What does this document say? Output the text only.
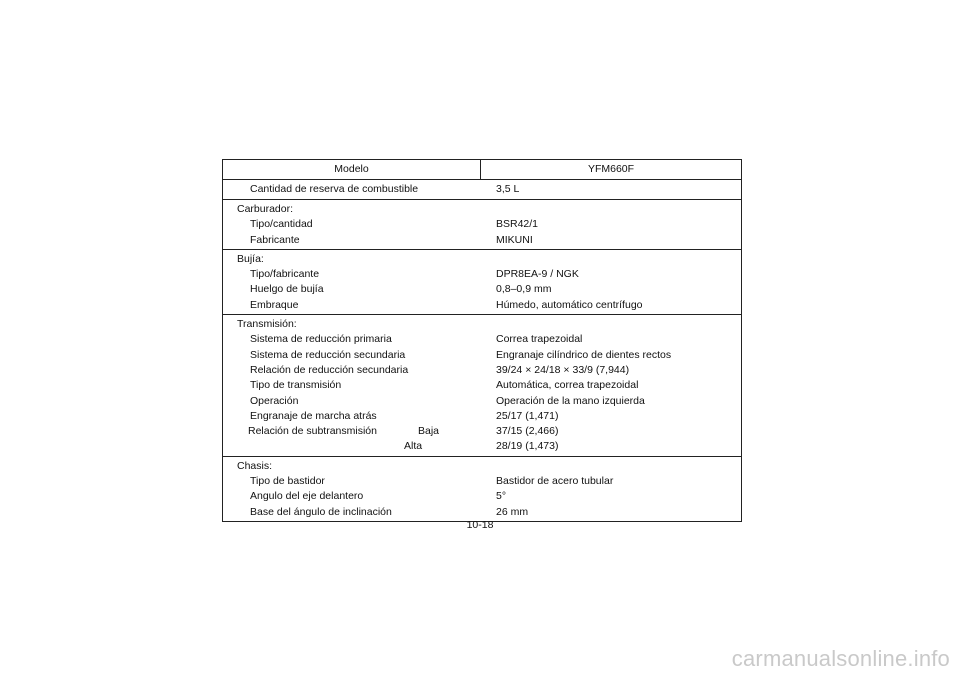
Modelo	YFM660F
Cantidad de reserva de combustible	3,5 L
Carburador:
Tipo/cantidad	BSR42/1
Fabricante	MIKUNI
Bujía:
Tipo/fabricante	DPR8EA-9 / NGK
Huelgo de bujía	0,8–0,9 mm
Embraque	Húmedo, automático centrífugo
Transmisión:
Sistema de reducción primaria	Correa trapezoidal
Sistema de reducción secundaria	Engranaje cilíndrico de dientes rectos
Relación de reducción secundaria	39/24 × 24/18 × 33/9 (7,944)
Tipo de transmisión	Automática, correa trapezoidal
Operación	Operación de la mano izquierda
Engranaje de marcha atrás	25/17 (1,471)
Relación de subtransmisión	Baja	37/15 (2,466)
Alta	28/19 (1,473)
Chasis:
Tipo de bastidor	Bastidor de acero tubular
Angulo del eje delantero	5°
Base del ángulo de inclinación	26 mm
10-18
carmanualsonline.info
